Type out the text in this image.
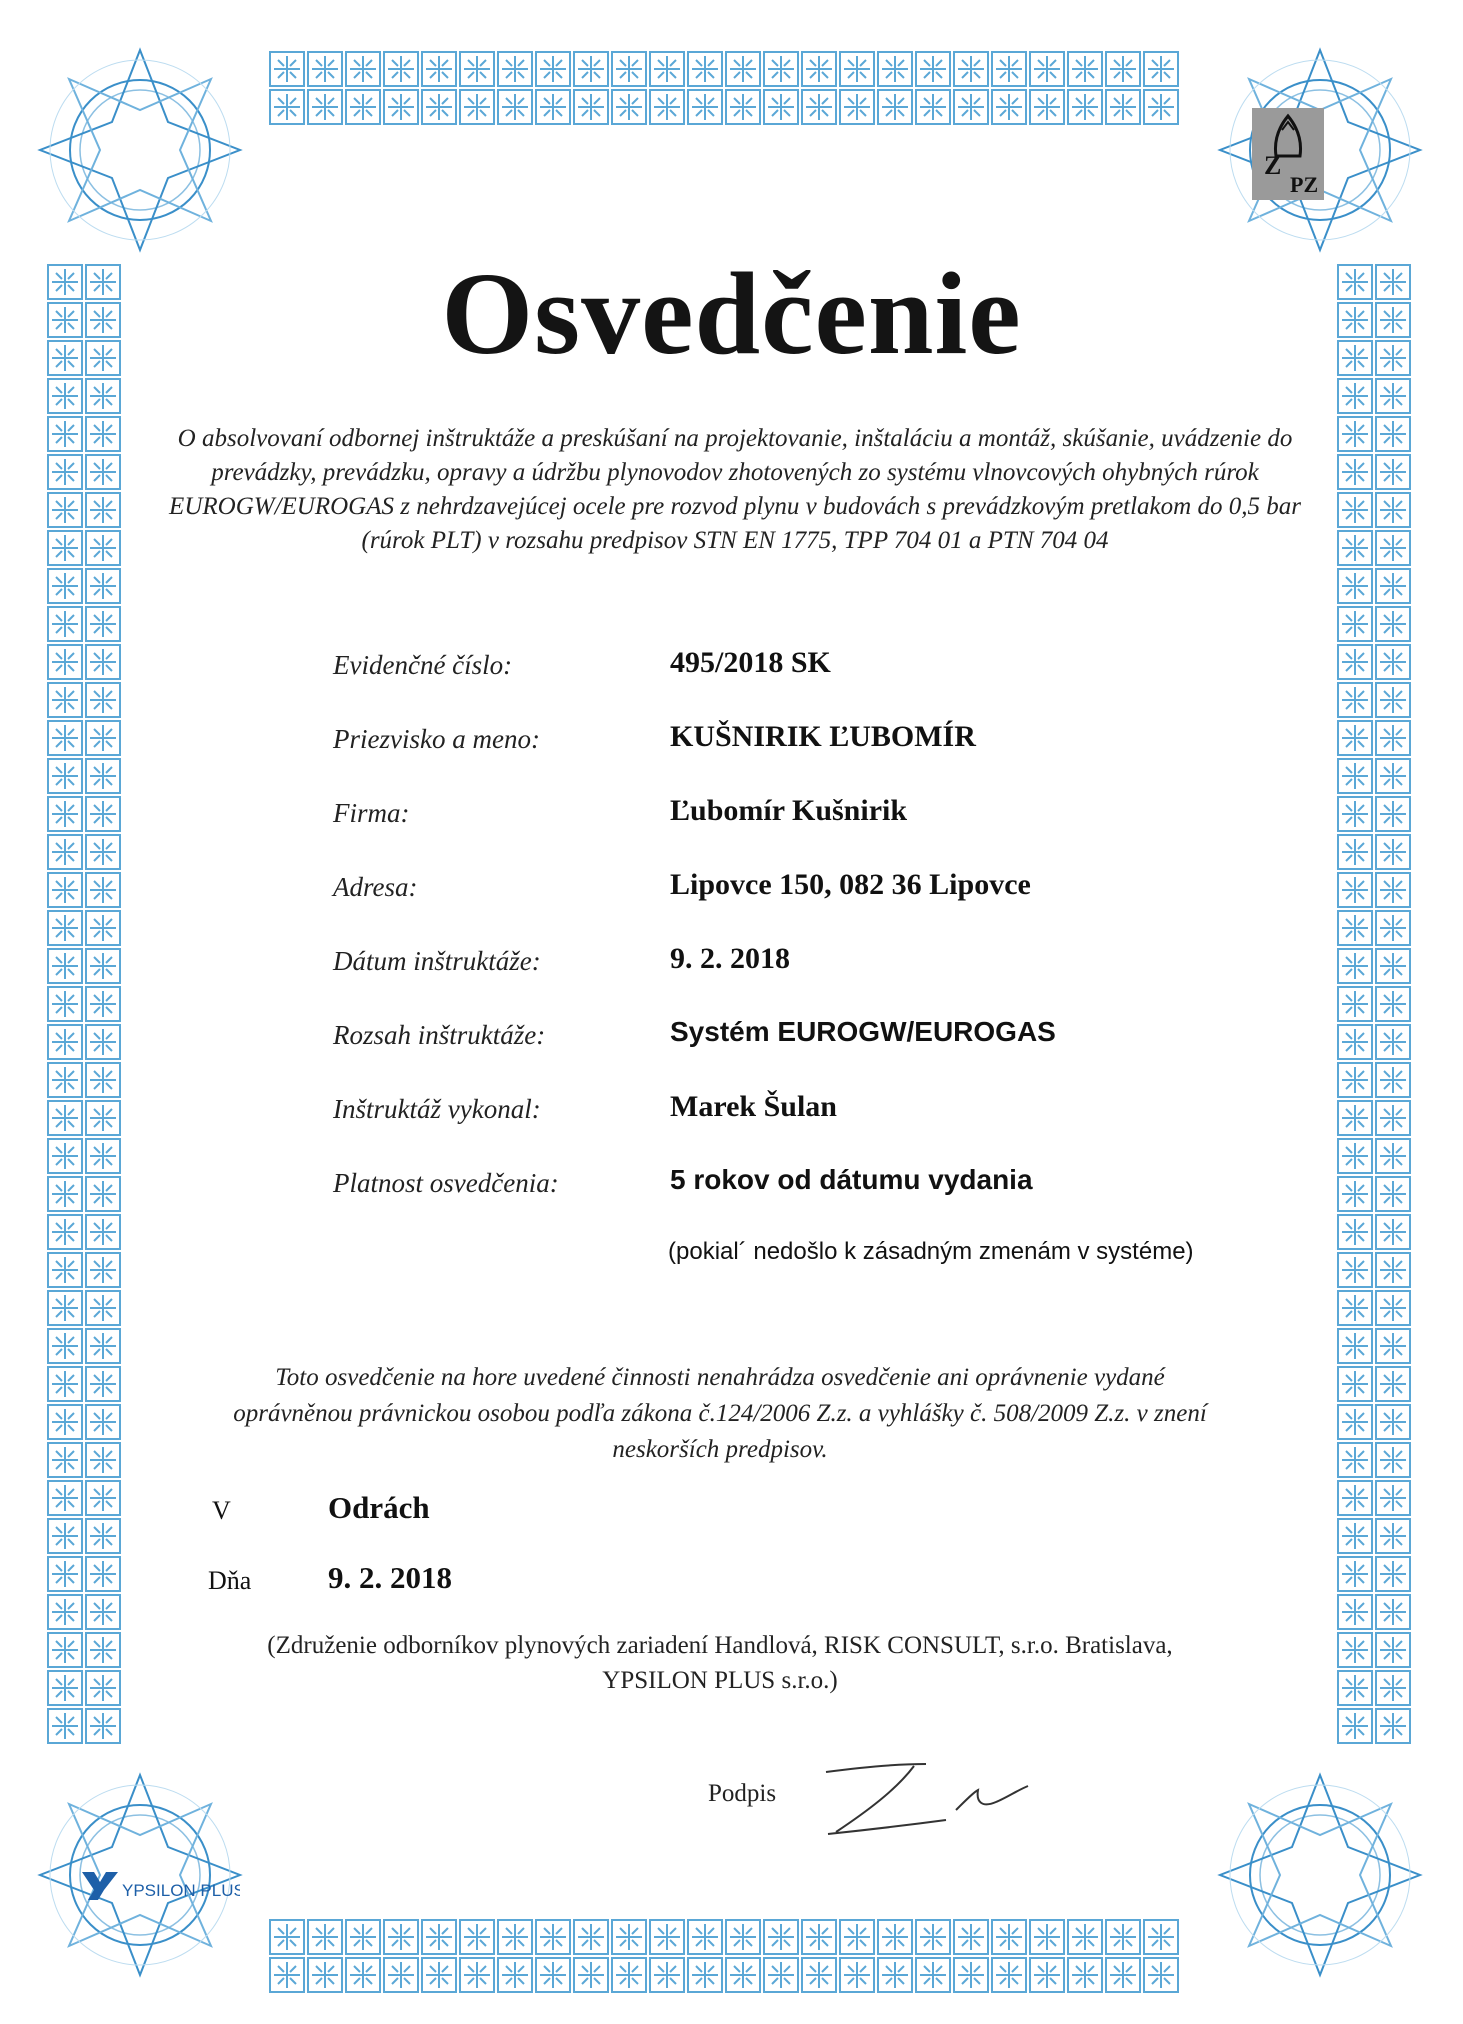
Z
PZ
YPSILON PLUS
Osvedčenie
O absolvovaní odbornej inštruktáže a preskúšaní na projektovanie, inštaláciu a montáž, skúšanie, uvádzenie do prevádzky, prevádzku, opravy a údržbu plynovodov zhotovených zo systému vlnovcových ohybných rúrok EUROGW/EUROGAS z nehrdzavejúcej ocele pre rozvod plynu v budovách s prevádzkovým pretlakom do 0,5 bar (rúrok PLT) v rozsahu predpisov STN EN 1775, TPP 704 01 a PTN 704 04
Evidenčné číslo:	495/2018 SK
Priezvisko a meno:	KUŠNIRIK ĽUBOMÍR
Firma:	Ľubomír Kušnirik
Adresa:	Lipovce 150, 082 36 Lipovce
Dátum inštruktáže:	9. 2. 2018
Rozsah inštruktáže:	Systém EUROGW/EUROGAS
Inštruktáž vykonal:	Marek Šulan
Platnost osvedčenia:	5 rokov od dátumu vydania
(pokial´ nedošlo k zásadným zmenám v systéme)
Toto osvedčenie na hore uvedené činnosti nenahrádza osvedčenie ani oprávnenie vydané oprávněnou právnickou osobou podľa zákona č.124/2006 Z.z. a vyhlášky č. 508/2009 Z.z. v znení neskorších predpisov.
V	Odrách
Dňa 9. 2. 2018
(Združenie odborníkov plynových zariadení Handlová, RISK CONSULT, s.r.o. Bratislava, YPSILON PLUS s.r.o.)
Podpis
